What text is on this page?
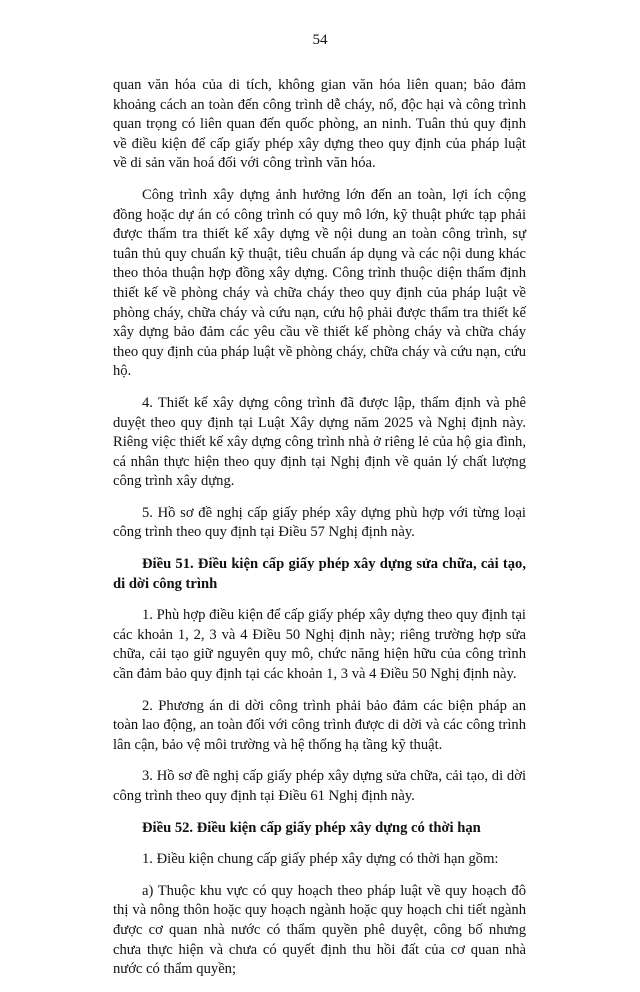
54

quan văn hóa của di tích, không gian văn hóa liên quan; bảo đảm khoảng cách an toàn đến công trình dễ cháy, nổ, độc hại và công trình quan trọng có liên quan đến quốc phòng, an ninh. Tuân thủ quy định về điều kiện để cấp giấy phép xây dựng theo quy định của pháp luật về di sản văn hoá đối với công trình văn hóa.

Công trình xây dựng ảnh hưởng lớn đến an toàn, lợi ích cộng đồng hoặc dự án có công trình có quy mô lớn, kỹ thuật phức tạp phải được thẩm tra thiết kế xây dựng về nội dung an toàn công trình, sự tuân thủ quy chuẩn kỹ thuật, tiêu chuẩn áp dụng và các nội dung khác theo thỏa thuận hợp đồng xây dựng. Công trình thuộc diện thẩm định thiết kế về phòng cháy và chữa cháy theo quy định của pháp luật về phòng cháy, chữa cháy và cứu nạn, cứu hộ phải được thẩm tra thiết kế xây dựng bảo đảm các yêu cầu về thiết kế phòng cháy và chữa cháy theo quy định của pháp luật về phòng cháy, chữa cháy và cứu nạn, cứu hộ.

4. Thiết kế xây dựng công trình đã được lập, thẩm định và phê duyệt theo quy định tại Luật Xây dựng năm 2025 và Nghị định này. Riêng việc thiết kế xây dựng công trình nhà ở riêng lẻ của hộ gia đình, cá nhân thực hiện theo quy định tại Nghị định về quản lý chất lượng công trình xây dựng.

5. Hồ sơ đề nghị cấp giấy phép xây dựng phù hợp với từng loại công trình theo quy định tại Điều 57 Nghị định này.

Điều 51. Điều kiện cấp giấy phép xây dựng sửa chữa, cải tạo, di dời công trình

1. Phù hợp điều kiện để cấp giấy phép xây dựng theo quy định tại các khoản 1, 2, 3 và 4 Điều 50 Nghị định này; riêng trường hợp sửa chữa, cải tạo giữ nguyên quy mô, chức năng hiện hữu của công trình cần đảm bảo quy định tại các khoản 1, 3 và 4 Điều 50 Nghị định này.

2. Phương án di dời công trình phải bảo đảm các biện pháp an toàn lao động, an toàn đối với công trình được di dời và các công trình lân cận, bảo vệ môi trường và hệ thống hạ tầng kỹ thuật.

3. Hồ sơ đề nghị cấp giấy phép xây dựng sửa chữa, cải tạo, di dời công trình theo quy định tại Điều 61 Nghị định này.

Điều 52. Điều kiện cấp giấy phép xây dựng có thời hạn

1. Điều kiện chung cấp giấy phép xây dựng có thời hạn gồm:

a) Thuộc khu vực có quy hoạch theo pháp luật về quy hoạch đô thị và nông thôn hoặc quy hoạch ngành hoặc quy hoạch chi tiết ngành được cơ quan nhà nước có thẩm quyền phê duyệt, công bố nhưng chưa thực hiện và chưa có quyết định thu hồi đất của cơ quan nhà nước có thẩm quyền;
